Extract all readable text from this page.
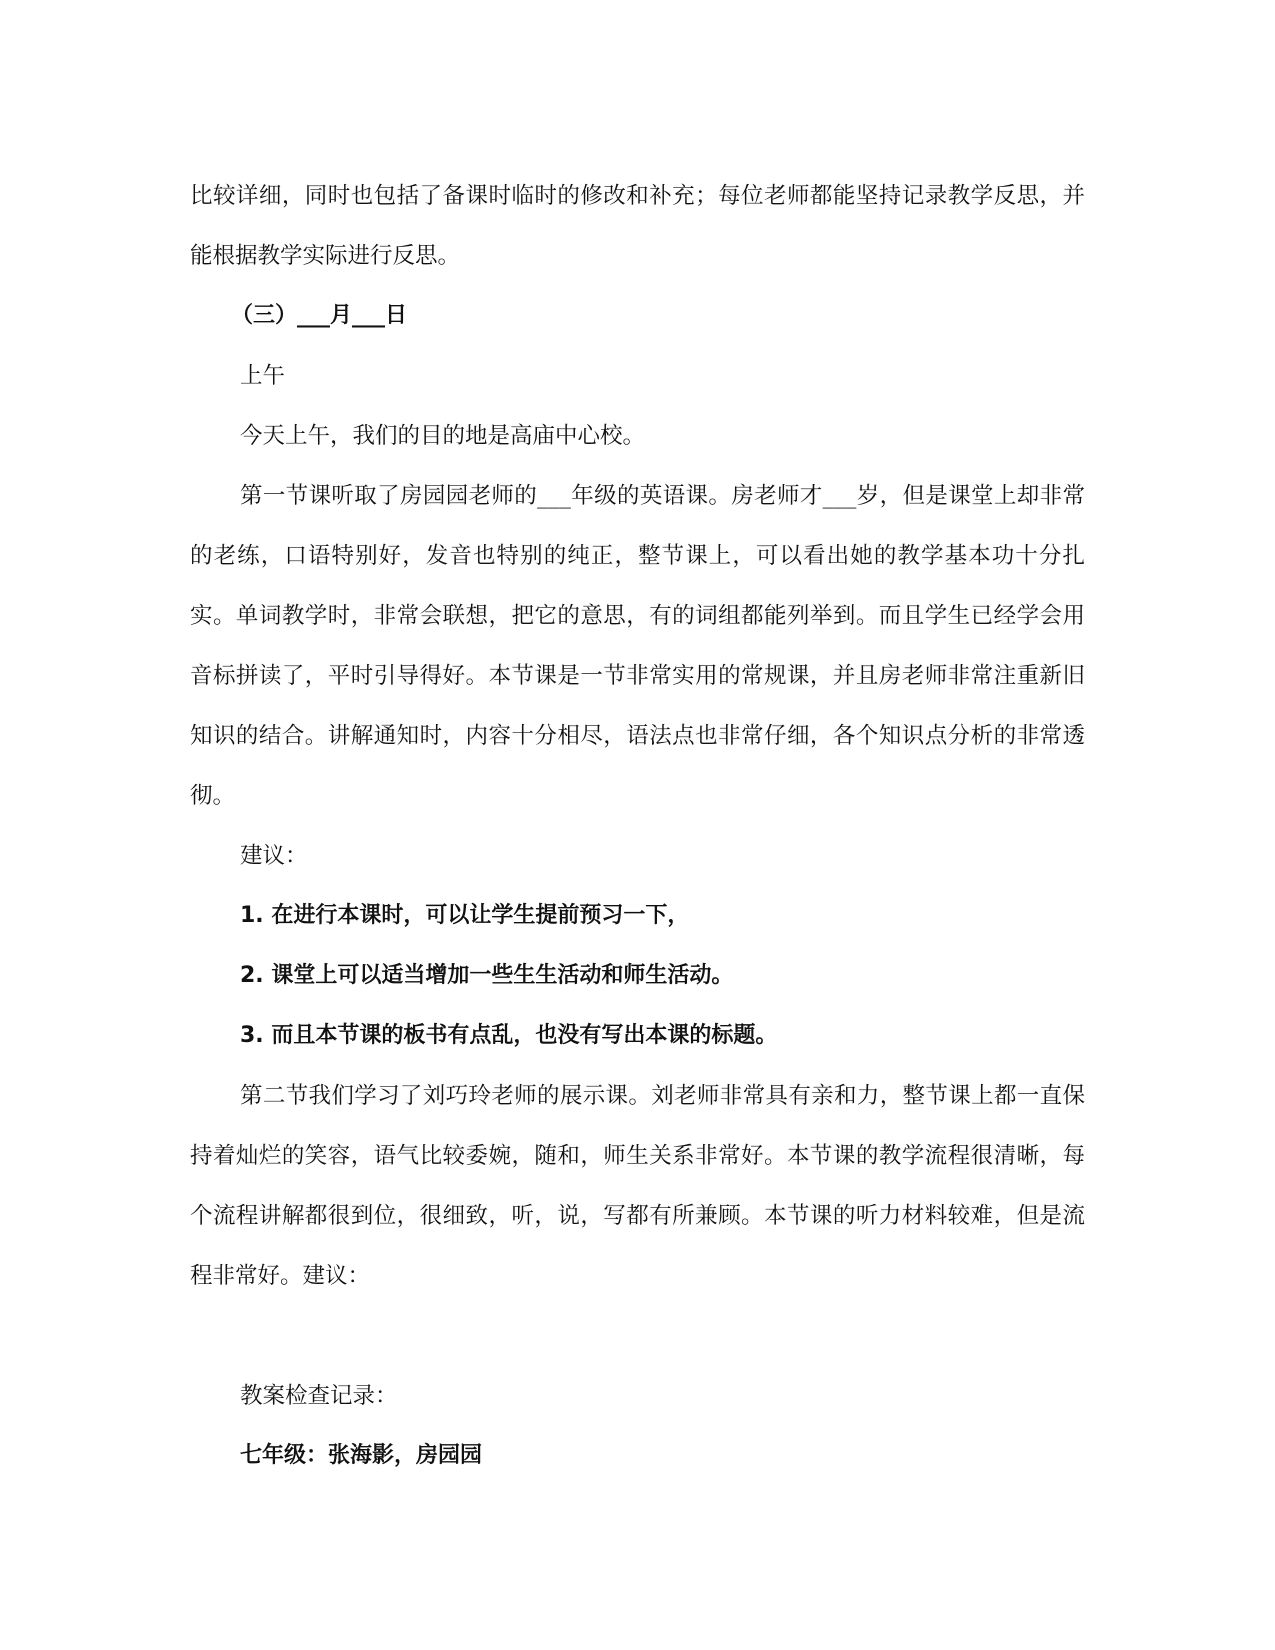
比较详细，同时也包括了备课时临时的修改和补充；每位老师都能坚持记录教学反思，并能根据教学实际进行反思。

（三）___月___日

上午

今天上午，我们的目的地是高庙中心校。

第一节课听取了房园园老师的___年级的英语课。房老师才___岁，但是课堂上却非常的老练，口语特别好，发音也特别的纯正，整节课上，可以看出她的教学基本功十分扎实。单词教学时，非常会联想，把它的意思，有的词组都能列举到。而且学生已经学会用音标拼读了，平时引导得好。本节课是一节非常实用的常规课，并且房老师非常注重新旧知识的结合。讲解通知时，内容十分相尽，语法点也非常仔细，各个知识点分析的非常透彻。

建议：

1. 在进行本课时，可以让学生提前预习一下，

2. 课堂上可以适当增加一些生生活动和师生活动。

3. 而且本节课的板书有点乱，也没有写出本课的标题。

第二节我们学习了刘巧玲老师的展示课。刘老师非常具有亲和力，整节课上都一直保持着灿烂的笑容，语气比较委婉，随和，师生关系非常好。本节课的教学流程很清晰，每个流程讲解都很到位，很细致，听，说，写都有所兼顾。本节课的听力材料较难，但是流程非常好。建议：

教案检查记录：

七年级：张海影，房园园
